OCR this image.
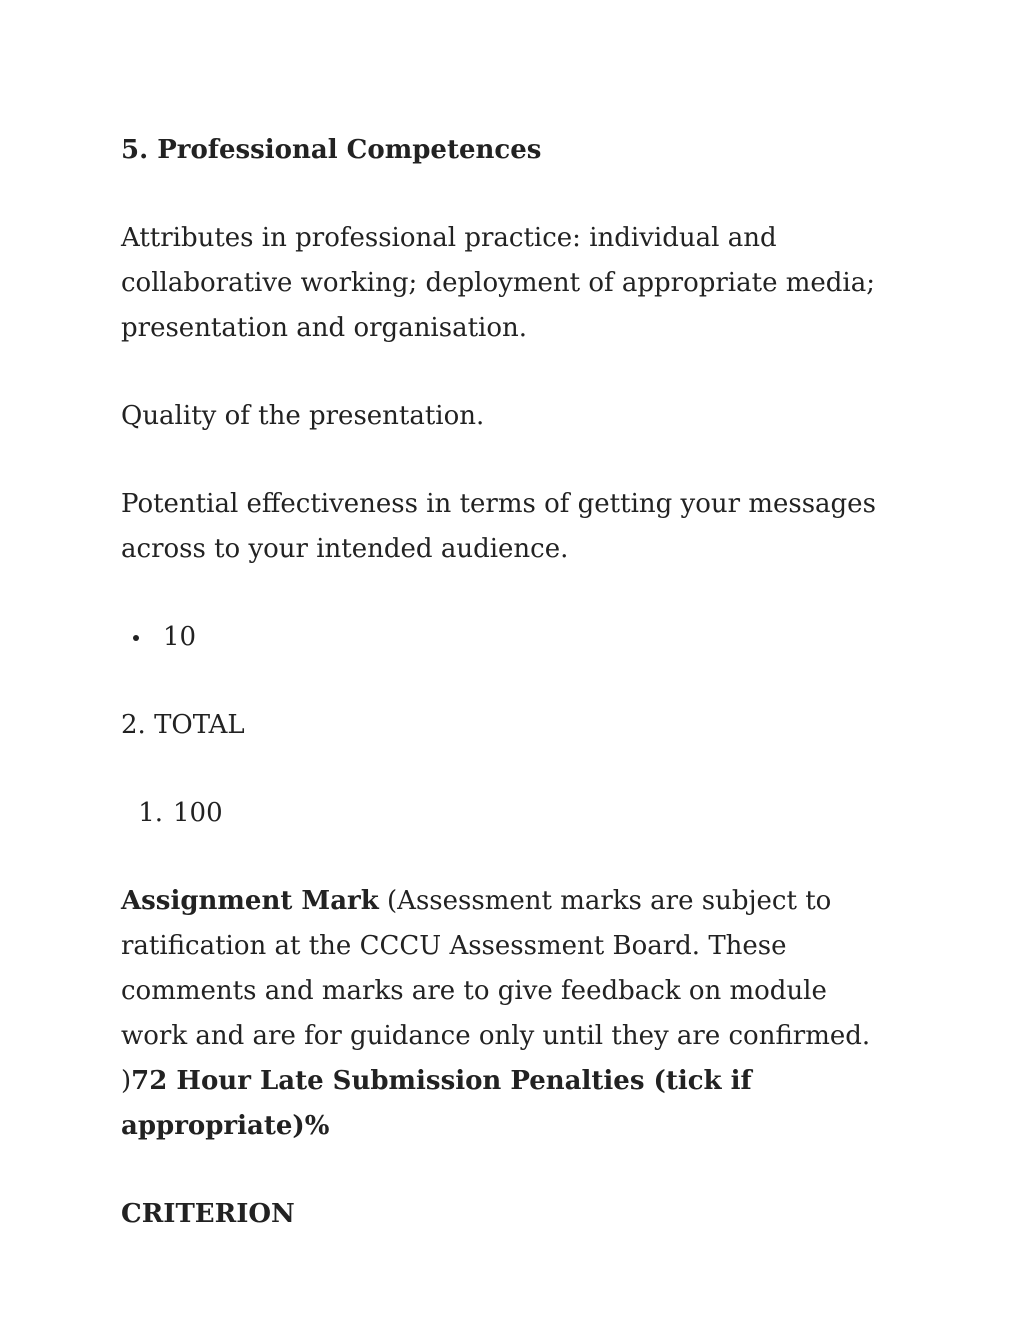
5. Professional Competences

Attributes in professional practice: individual and collaborative working; deployment of appropriate media; presentation and organisation.

Quality of the presentation.

Potential effectiveness in terms of getting your messages across to your intended audience.

10

2. TOTAL

1. 100

Assignment Mark (Assessment marks are subject to ratification at the CCCU Assessment Board. These comments and marks are to give feedback on module work and are for guidance only until they are confirmed. )72 Hour Late Submission Penalties (tick if appropriate)%

CRITERION
